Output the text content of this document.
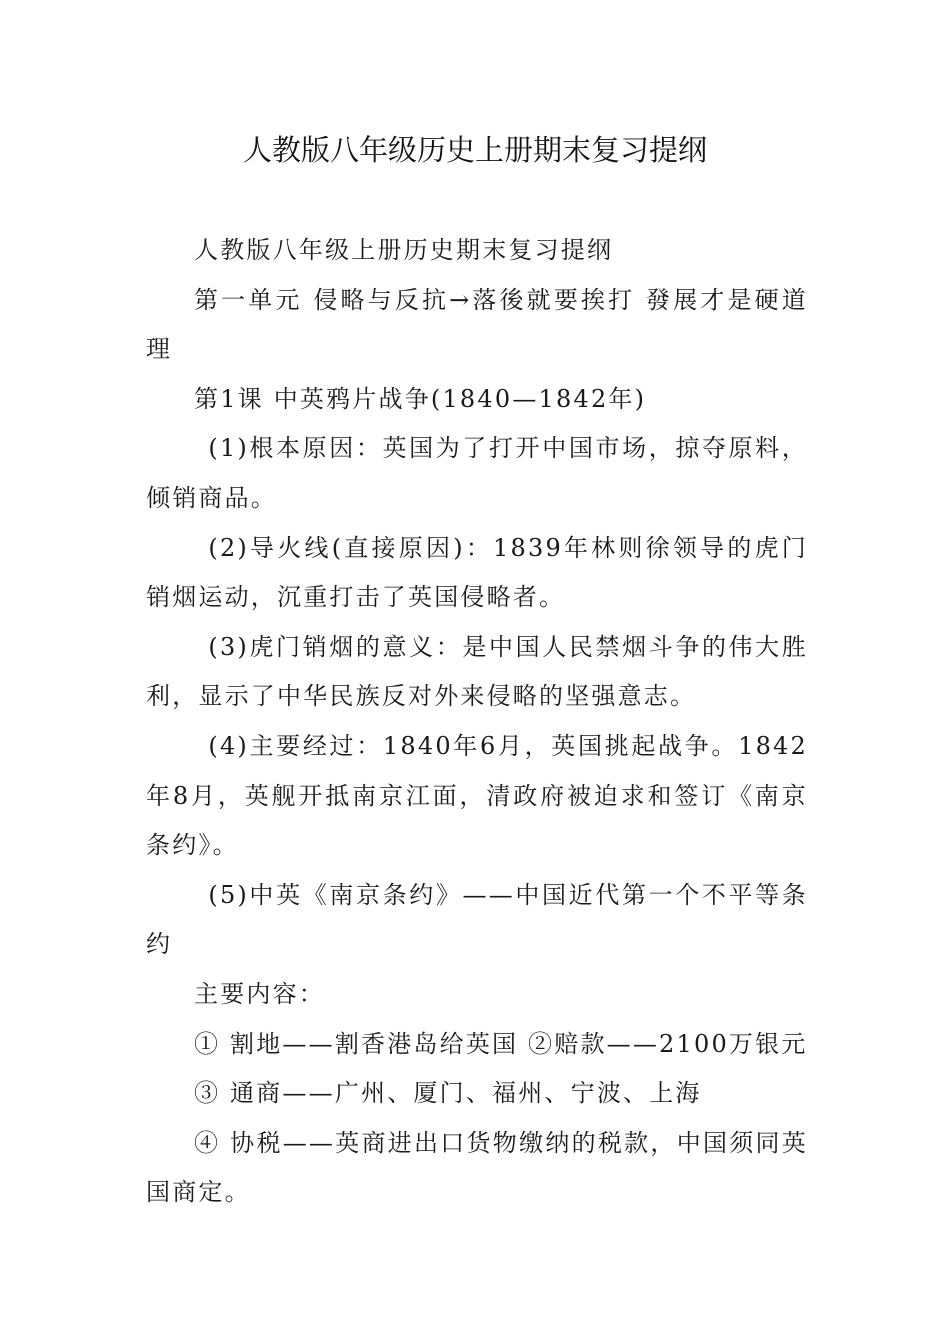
人教版八年级历史上册期末复习提纲

人教版八年级上册历史期末复习提纲

第一单元 侵略与反抗→落後就要挨打 發展才是硬道理

第1课 中英鸦片战争(1840—1842年)

(1)根本原因：英国为了打开中国市场，掠夺原料，倾销商品。

(2)导火线(直接原因)：1839年林则徐领导的虎门销烟运动，沉重打击了英国侵略者。

(3)虎门销烟的意义：是中国人民禁烟斗争的伟大胜利，显示了中华民族反对外来侵略的坚强意志。

(4)主要经过：1840年6月，英国挑起战争。1842年8月，英舰开抵南京江面，清政府被迫求和签订《南京条约》。

(5)中英《南京条约》——中国近代第一个不平等条约

主要内容：

① 割地——割香港岛给英国 ②赔款——2100万银元

③ 通商——广州、厦门、福州、宁波、上海

④ 协税——英商进出口货物缴纳的税款，中国须同英国商定。
